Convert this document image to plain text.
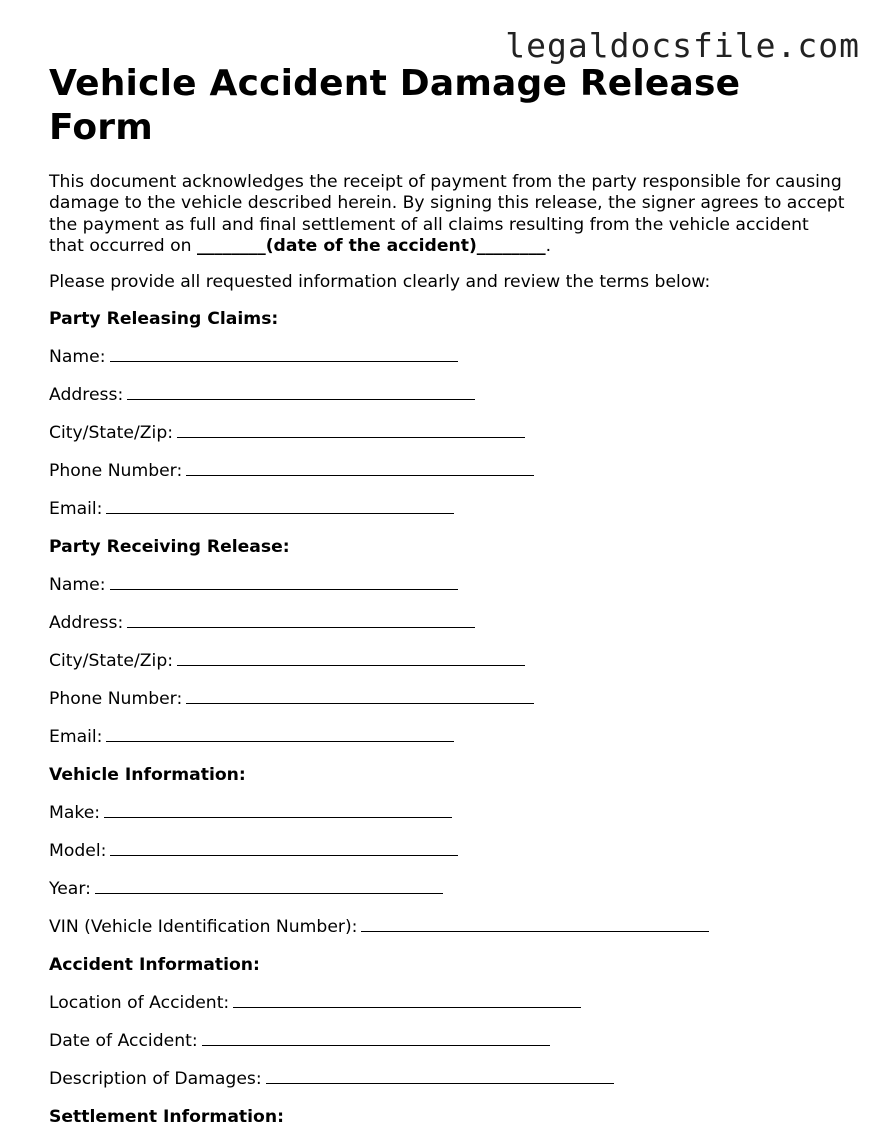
legaldocsfile.com
Vehicle Accident Damage Release Form

This document acknowledges the receipt of payment from the party responsible for causing damage to the vehicle described herein. By signing this release, the signer agrees to accept the payment as full and final settlement of all claims resulting from the vehicle accident that occurred on ________(date of the accident)________.

Please provide all requested information clearly and review the terms below:

Party Releasing Claims:
Name:
Address:
City/State/Zip:
Phone Number:
Email:
Party Receiving Release:
Name:
Address:
City/State/Zip:
Phone Number:
Email:
Vehicle Information:
Make:
Model:
Year:
VIN (Vehicle Identification Number):
Accident Information:
Location of Accident:
Date of Accident:
Description of Damages:
Settlement Information:
